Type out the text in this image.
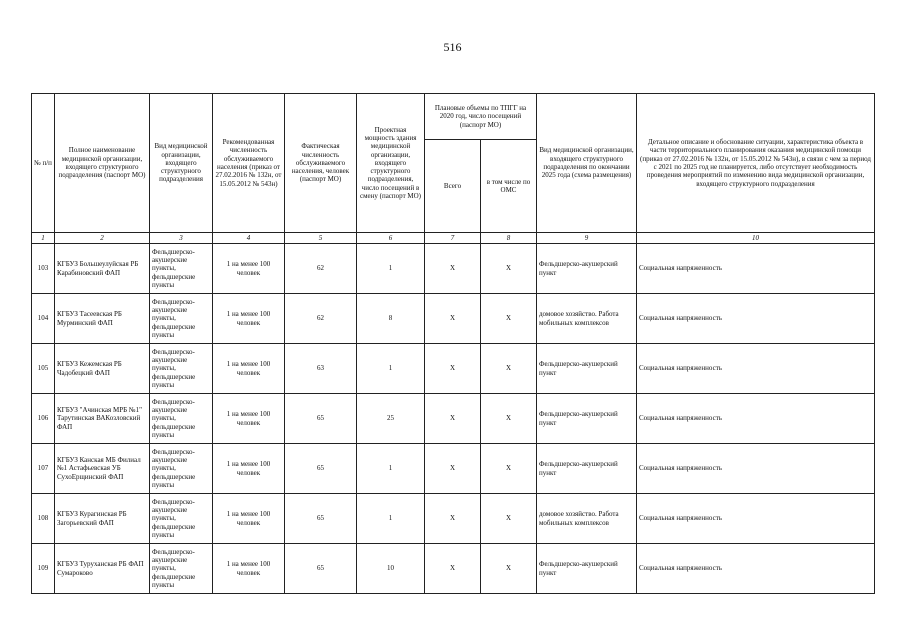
516
№ п/п	Полное наименование медицинской организации, входящего структурного подразделения (паспорт МО)	Вид медицинской организации, входящего структурного подразделения	Рекомендованная численность обслуживаемого населения (приказ от 27.02.2016 № 132н, от 15.05.2012 № 543н)	Фактическая численность обслуживаемого населения, человек (паспорт МО)	Проектная мощность здания медицинской организации, входящего структурного подразделения, число посещений в смену (паспорт МО)	Плановые объемы по ТПГГ на 2020 год, число посещений (паспорт МО)		Вид медицинской организации, входящего структурного подразделения по окончании 2025 года (схема размещения)	Детальное описание и обоснование ситуации, характеристика объекта в части территориального планирования оказания медицинской помощи (приказ от 27.02.2016 № 132н, от 15.05.2012 № 543н), в связи с чем за период с 2021 по 2025 год не планируется, либо отсутствует необходимость проведения мероприятий по изменению вида медицинской организации, входящего структурного подразделения
						Всего	в том числе по ОМС		
1	2	3	4	5	6	7	8	9	10
103	КГБУЗ Большеулуйская РБ Карабиновский ФАП	Фельдшерско-акушерские пункты, фельдшерские пункты	1 на менее 100 человек	62	1	X	X	Фельдшерско-акушерский пункт	Социальная напряженность
104	КГБУЗ Тасеевская РБ Мурминский ФАП	Фельдшерско-акушерские пункты, фельдшерские пункты	1 на менее 100 человек	62	8	X	X	домовое хозяйство. Работа мобильных комплексов	Социальная напряженность
105	КГБУЗ Кежемская РБ Чадобецкий ФАП	Фельдшерско-акушерские пункты, фельдшерские пункты	1 на менее 100 человек	63	1	X	X	Фельдшерско-акушерский пункт	Социальная напряженность
106	КГБУЗ "Ачинская МРБ №1" Тарутинская ВАКозловский ФАП	Фельдшерско-акушерские пункты, фельдшерские пункты	1 на менее 100 человек	65	25	X	X	Фельдшерско-акушерский пункт	Социальная напряженность
107	КГБУЗ Канская МБ Филиал №1 Астафьевская УБ СухоЕрщинский ФАП	Фельдшерско-акушерские пункты, фельдшерские пункты	1 на менее 100 человек	65	1	X	X	Фельдшерско-акушерский пункт	Социальная напряженность
108	КГБУЗ Курагинская РБ Загорьевский ФАП	Фельдшерско-акушерские пункты, фельдшерские пункты	1 на менее 100 человек	65	1	X	X	домовое хозяйство. Работа мобильных комплексов	Социальная напряженность
109	КГБУЗ Туруханская РБ ФАП Сумароково	Фельдшерско-акушерские пункты, фельдшерские пункты	1 на менее 100 человек	65	10	X	X	Фельдшерско-акушерский пункт	Социальная напряженность
